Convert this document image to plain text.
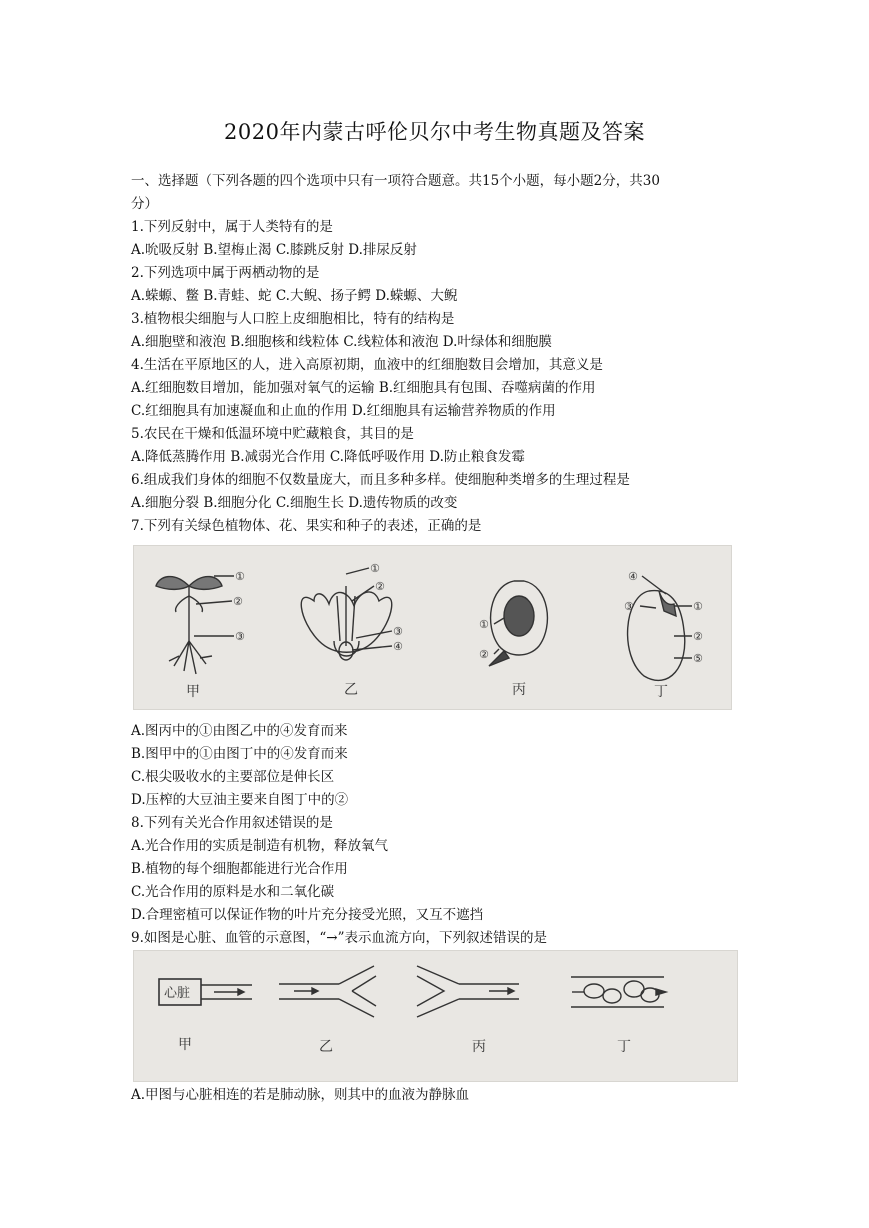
2020年内蒙古呼伦贝尔中考生物真题及答案
一、选择题（下列各题的四个选项中只有一项符合题意。共15个小题，每小题2分，共30
分）
1.下列反射中，属于人类特有的是
A.吮吸反射 B.望梅止渴 C.膝跳反射 D.排尿反射
2.下列选项中属于两栖动物的是
A.蝾螈、鳖 B.青蛙、蛇 C.大鲵、扬子鳄 D.蝾螈、大鲵
3.植物根尖细胞与人口腔上皮细胞相比，特有的结构是
A.细胞壁和液泡 B.细胞核和线粒体 C.线粒体和液泡 D.叶绿体和细胞膜
4.生活在平原地区的人，进入高原初期，血液中的红细胞数目会增加，其意义是
A.红细胞数目增加，能加强对氧气的运输 B.红细胞具有包围、吞噬病菌的作用
C.红细胞具有加速凝血和止血的作用 D.红细胞具有运输营养物质的作用
5.农民在干燥和低温环境中贮藏粮食，其目的是
A.降低蒸腾作用 B.减弱光合作用 C.降低呼吸作用 D.防止粮食发霉
6.组成我们身体的细胞不仅数量庞大，而且多种多样。使细胞种类增多的生理过程是
A.细胞分裂 B.细胞分化 C.细胞生长 D.遗传物质的改变
7.下列有关绿色植物体、花、果实和种子的表述，正确的是
①
②
③
甲
①
②
③
④
乙
①
②
丙
④
③	①
②
⑤
丁
A.图丙中的①由图乙中的④发育而来
B.图甲中的①由图丁中的④发育而来
C.根尖吸收水的主要部位是伸长区
D.压榨的大豆油主要来自图丁中的②
8.下列有关光合作用叙述错误的是
A.光合作用的实质是制造有机物，释放氧气
B.植物的每个细胞都能进行光合作用
C.光合作用的原料是水和二氧化碳
D.合理密植可以保证作物的叶片充分接受光照，又互不遮挡
9.如图是心脏、血管的示意图，“→”表示血流方向，下列叙述错误的是
心脏
甲	乙	丙	丁
A.甲图与心脏相连的若是肺动脉，则其中的血液为静脉血
